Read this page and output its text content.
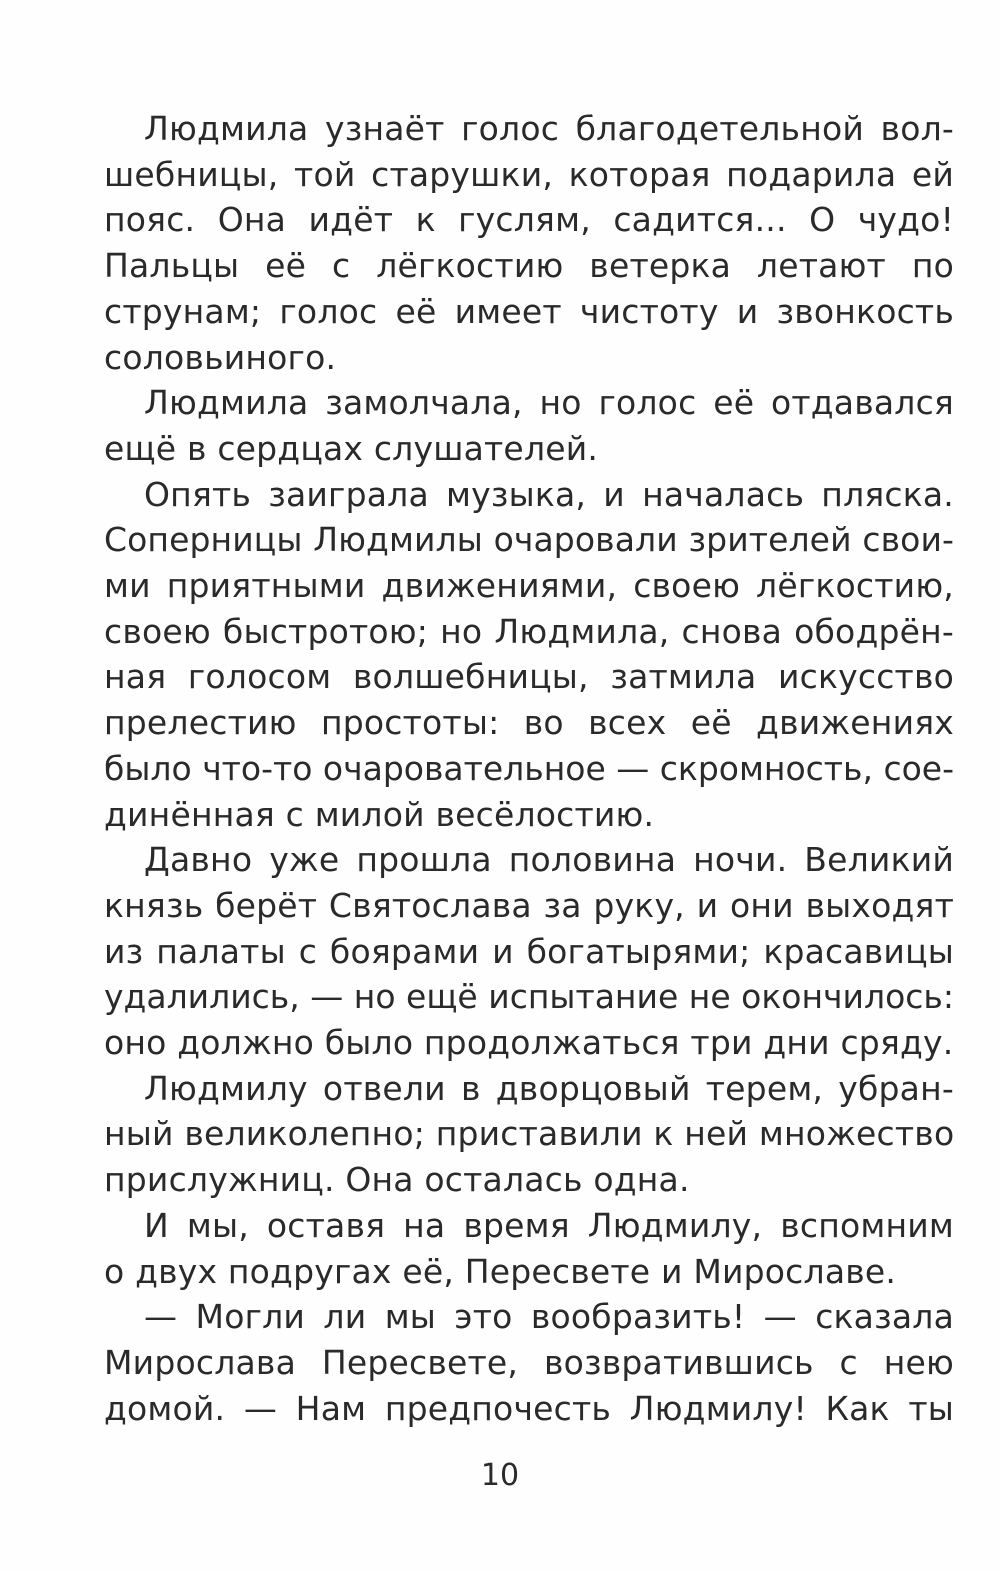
Людмила узнаёт голос благодетельной вол-
шебницы, той старушки, которая подарила ей
пояс. Она идёт к гуслям, садится... О чудо!
Пальцы её с лёгкостию ветерка летают по
струнам; голос её имеет чистоту и звонкость
соловьиного.
Людмила замолчала, но голос её отдавался
ещё в сердцах слушателей.
Опять заиграла музыка, и началась пляска.
Соперницы Людмилы очаровали зрителей свои-
ми приятными движениями, своею лёгкостию,
своею быстротою; но Людмила, снова ободрён-
ная голосом волшебницы, затмила искусство
прелестию простоты: во всех её движениях
было что-то очаровательное — скромность, сое-
динённая с милой весёлостию.
Давно уже прошла половина ночи. Великий
князь берёт Святослава за руку, и они выходят
из палаты с боярами и богатырями; красавицы
удалились, — но ещё испытание не окончилось:
оно должно было продолжаться три дни сряду.
Людмилу отвели в дворцовый терем, убран-
ный великолепно; приставили к ней множество
прислужниц. Она осталась одна.
И мы, оставя на время Людмилу, вспомним
о двух подругах её, Пересвете и Мирославе.
— Могли ли мы это вообразить! — сказала
Мирослава Пересвете, возвратившись с нею
домой. — Нам предпочесть Людмилу! Как ты
10
